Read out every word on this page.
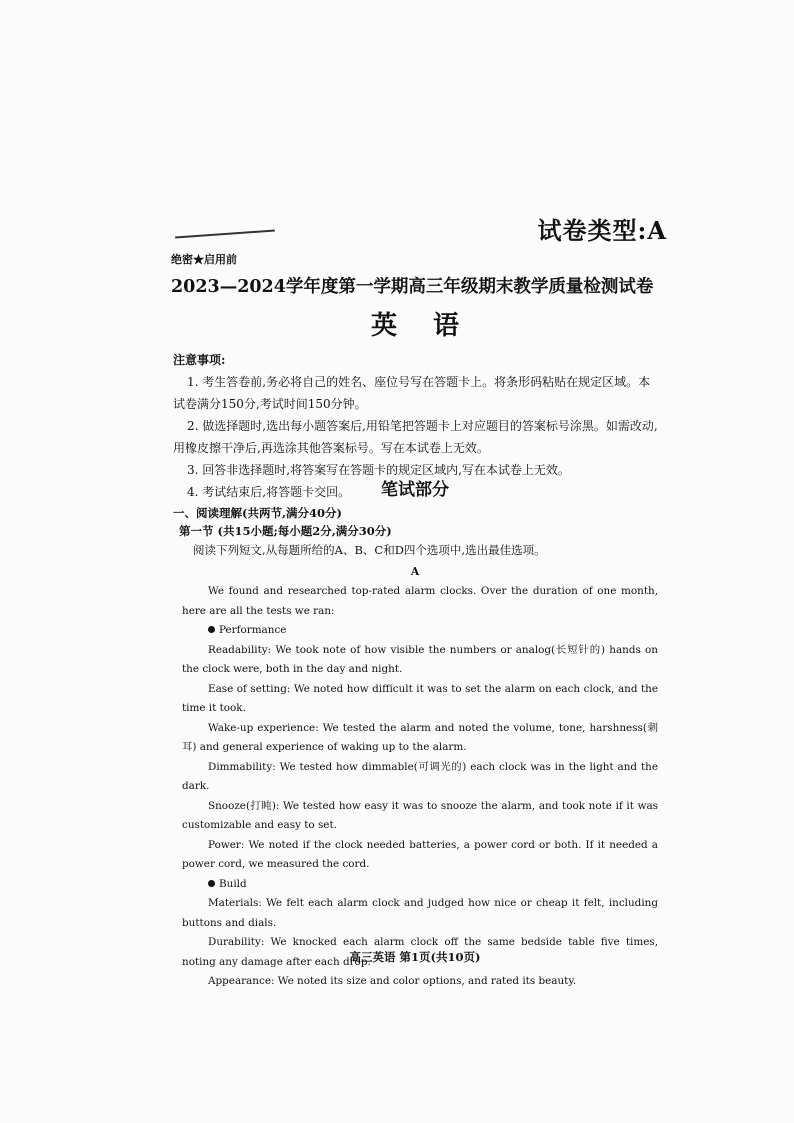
试卷类型:A
绝密★启用前
2023—2024学年度第一学期高三年级期末教学质量检测试卷
英语
注意事项:

1. 考生答卷前,务必将自己的姓名、座位号写在答题卡上。将条形码粘贴在规定区域。本试卷满分150分,考试时间150分钟。

2. 做选择题时,选出每小题答案后,用铅笔把答题卡上对应题目的答案标号涂黑。如需改动,用橡皮擦干净后,再选涂其他答案标号。写在本试卷上无效。

3. 回答非选择题时,将答案写在答题卡的规定区域内,写在本试卷上无效。

4. 考试结束后,将答题卡交回。	笔试部分
一、阅读理解(共两节,满分40分)
第一节 (共15小题;每小题2分,满分30分)
阅读下列短文,从每题所给的A、B、C和D四个选项中,选出最佳选项。
A

We found and researched top-rated alarm clocks. Over the duration of one month, here are all the tests we ran:

Performance

Readability: We took note of how visible the numbers or analog(长短针的) hands on the clock were, both in the day and night.

Ease of setting: We noted how difficult it was to set the alarm on each clock, and the time it took.

Wake-up experience: We tested the alarm and noted the volume, tone, harshness(刺耳) and general experience of waking up to the alarm.

Dimmability: We tested how dimmable(可调光的) each clock was in the light and the dark.

Snooze(打盹): We tested how easy it was to snooze the alarm, and took note if it was customizable and easy to set.

Power: We noted if the clock needed batteries, a power cord or both. If it needed a power cord, we measured the cord.

Build

Materials: We felt each alarm clock and judged how nice or cheap it felt, including buttons and dials.

Durability: We knocked each alarm clock off the same bedside table five times, noting any damage after each drop.

Appearance: We noted its size and color options, and rated its beauty.

高三英语 第1页(共10页)
